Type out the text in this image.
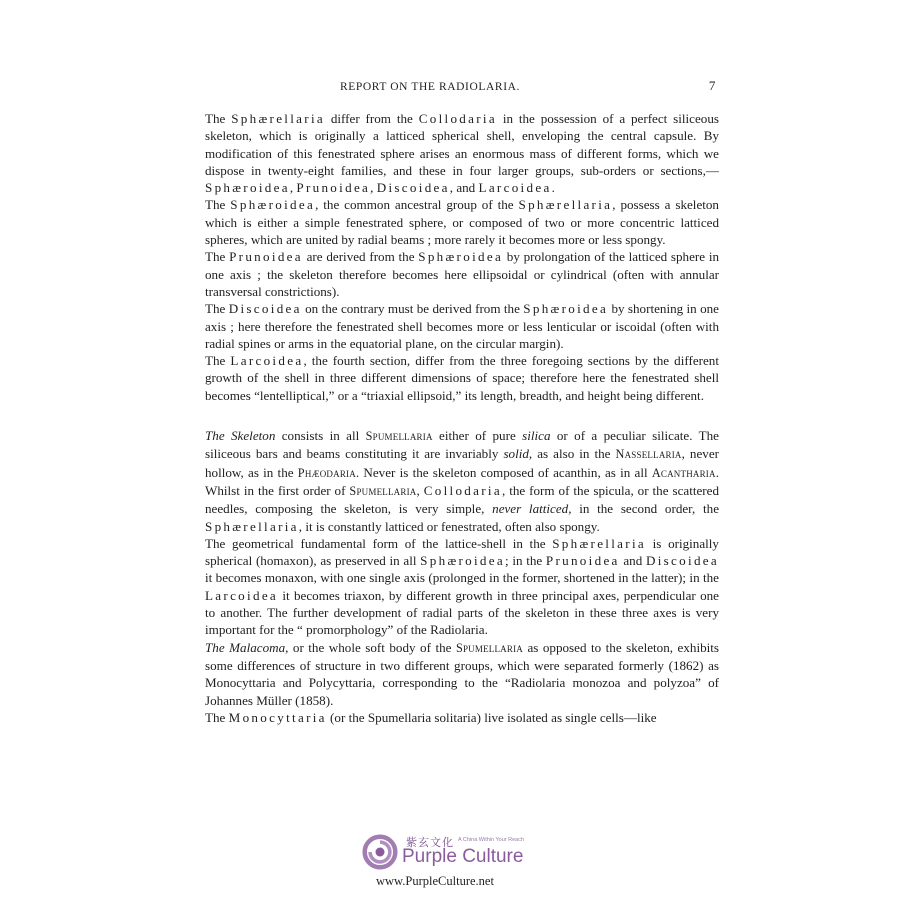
REPORT ON THE RADIOLARIA.	7

The Sphærellaria differ from the Collodaria in the possession of a perfect siliceous skeleton, which is originally a latticed spherical shell, enveloping the central capsule. By modification of this fenestrated sphere arises an enormous mass of different forms, which we dispose in twenty-eight families, and these in four larger groups, sub-orders or sections,—Sphæroidea, Prunoidea, Discoidea, and Larcoidea.

The Sphæroidea, the common ancestral group of the Sphærellaria, possess a skeleton which is either a simple fenestrated sphere, or composed of two or more concentric latticed spheres, which are united by radial beams ; more rarely it becomes more or less spongy.

The Prunoidea are derived from the Sphæroidea by prolongation of the latticed sphere in one axis ; the skeleton therefore becomes here ellipsoidal or cylindrical (often with annular transversal constrictions).

The Discoidea on the contrary must be derived from the Sphæroidea by shortening in one axis ; here therefore the fenestrated shell becomes more or less lenticular or iscoidal (often with radial spines or arms in the equatorial plane, on the circular margin).

The Larcoidea, the fourth section, differ from the three foregoing sections by the different growth of the shell in three different dimensions of space; therefore here the fenestrated shell becomes “lentelliptical,” or a “triaxial ellipsoid,” its length, breadth, and height being different.

The Skeleton consists in all Spumellaria either of pure silica or of a peculiar silicate. The siliceous bars and beams constituting it are invariably solid, as also in the Nassellaria, never hollow, as in the Phæodaria. Never is the skeleton composed of acanthin, as in all Acantharia. Whilst in the first order of Spumellaria, Collodaria, the form of the spicula, or the scattered needles, composing the skeleton, is very simple, never latticed, in the second order, the Sphærellaria, it is constantly latticed or fenestrated, often also spongy.

The geometrical fundamental form of the lattice-shell in the Sphærellaria is originally spherical (homaxon), as preserved in all Sphæroidea; in the Prunoidea and Discoidea it becomes monaxon, with one single axis (prolonged in the former, shortened in the latter); in the Larcoidea it becomes triaxon, by different growth in three principal axes, perpendicular one to another. The further development of radial parts of the skeleton in these three axes is very important for the “ promorphology” of the Radiolaria.

The Malacoma, or the whole soft body of the Spumellaria as opposed to the skeleton, exhibits some differences of structure in two different groups, which were separated formerly (1862) as Monocyttaria and Polycyttaria, corresponding to the “Radiolaria monozoa and polyzoa” of Johannes Müller (1858).

The Monocyttaria (or the Spumellaria solitaria) live isolated as single cells—like

紫玄文化 A China Within Your Reach
Purple Culture
www.PurpleCulture.net
